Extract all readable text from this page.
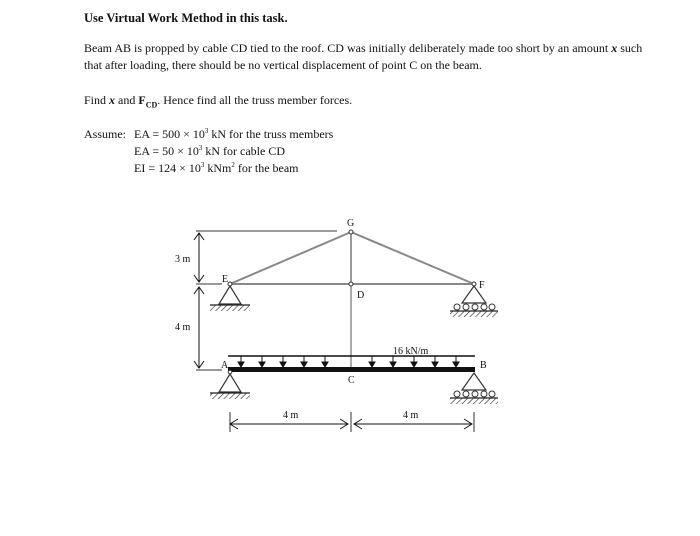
Use Virtual Work Method in this task.
Beam AB is propped by cable CD tied to the roof. CD was initially deliberately made too short by an amount x such that after loading, there should be no vertical displacement of point C on the beam.
Find x and $F_{CD}$. Hence find all the truss member forces.
Assume: EA = $500 \times 10^3$ kN for the truss members
EA = $50 \times 10^3$ kN for cable CD
EI = $124 \times 10^3$ kNm$^2$ for the beam
3 m
4 m
G
E
F
D
C
A	B
16 kN/m
4 m	4 m
